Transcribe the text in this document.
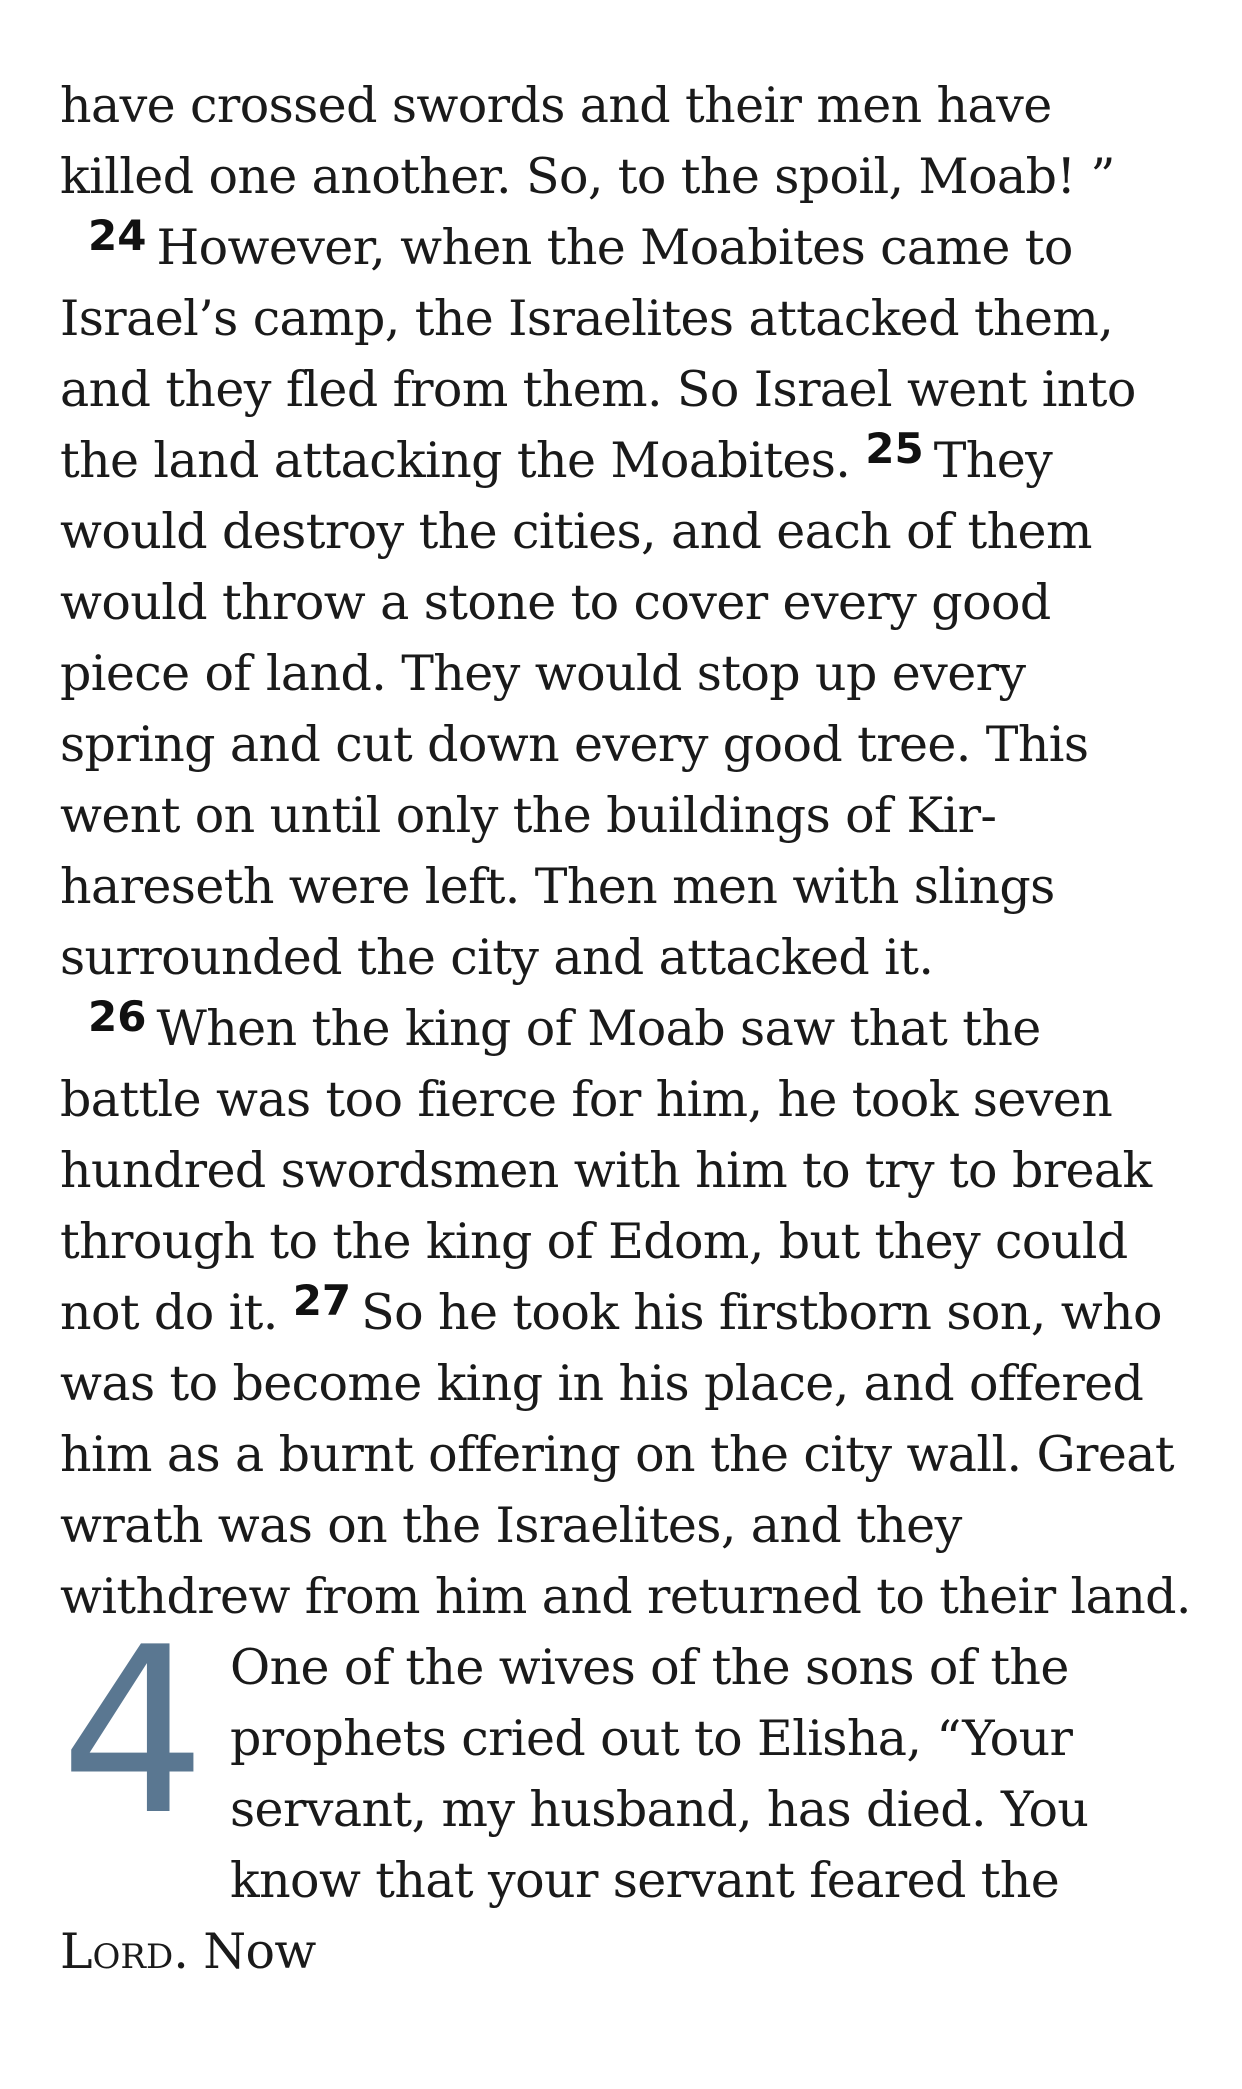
have crossed swords and their men have killed one another. So, to the spoil, Moab! ”

24 However, when the Moabites came to Israel’s camp, the Israelites attacked them, and they fled from them. So Israel went into the land attacking the Moabites. 25 They would destroy the cities, and each of them would throw a stone to cover every good piece of land. They would stop up every spring and cut down every good tree. This went on until only the buildings of Kir-hareseth were left. Then men with slings surrounded the city and attacked it.

26 When the king of Moab saw that the battle was too fierce for him, he took seven hundred swordsmen with him to try to break through to the king of Edom, but they could not do it. 27 So he took his firstborn son, who was to become king in his place, and offered him as a burnt offering on the city wall. Great wrath was on the Israelites, and they withdrew from him and returned to their land.

4 One of the wives of the sons of the prophets cried out to Elisha, “Your servant, my husband, has died. You know that your servant feared the Lord. Now
